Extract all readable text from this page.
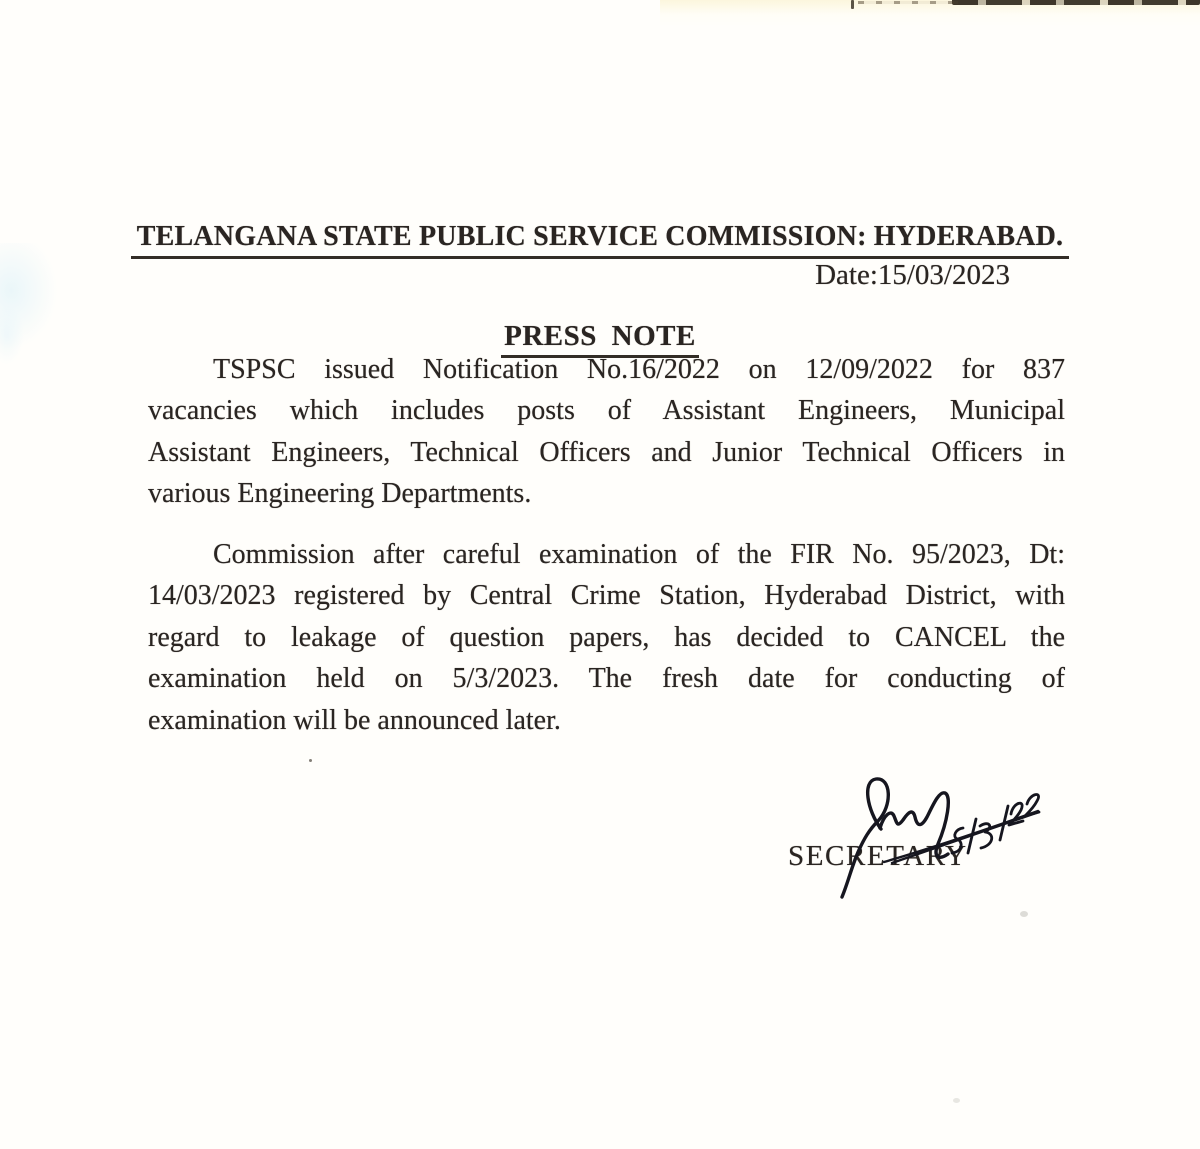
TELANGANA STATE PUBLIC SERVICE COMMISSION: HYDERABAD.
Date:15/03/2023
PRESS NOTE
TSPSC issued Notification No.16/2022 on 12/09/2022 for 837
vacancies which includes posts of Assistant Engineers, Municipal
Assistant Engineers, Technical Officers and Junior Technical Officers in
various Engineering Departments.
Commission after careful examination of the FIR No. 95/2023, Dt:
14/03/2023 registered by Central Crime Station, Hyderabad District, with
regard to leakage of question papers, has decided to CANCEL the
examination held on 5/3/2023. The fresh date for conducting of
examination will be announced later.
SECRETARY
